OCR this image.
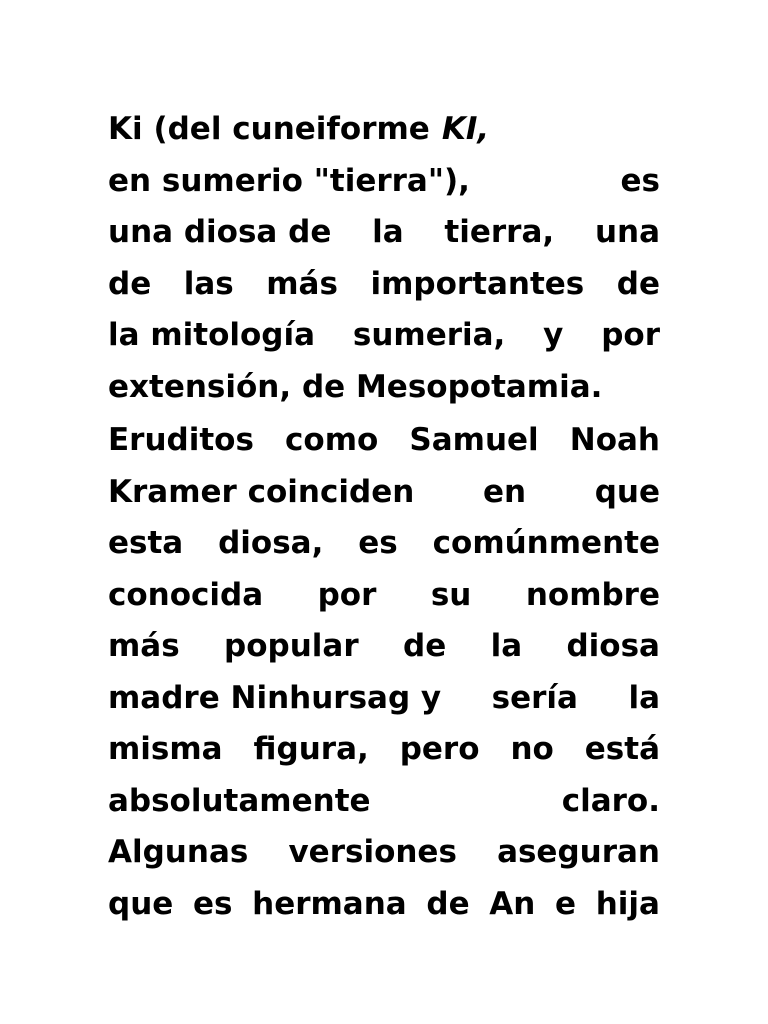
Ki (del cuneiforme KI,
en sumerio "tierra"),	es
una diosa de la tierra, una
de las más importantes de
la mitología sumeria, y por
extensión, de Mesopotamia.
Eruditos como Samuel Noah
Kramer coinciden en que
esta diosa, es comúnmente
conocida por su nombre
más popular de la diosa
madre Ninhursag y sería la
misma figura, pero no está
absolutamente	claro.
Algunas versiones aseguran
que es hermana de An e hija
